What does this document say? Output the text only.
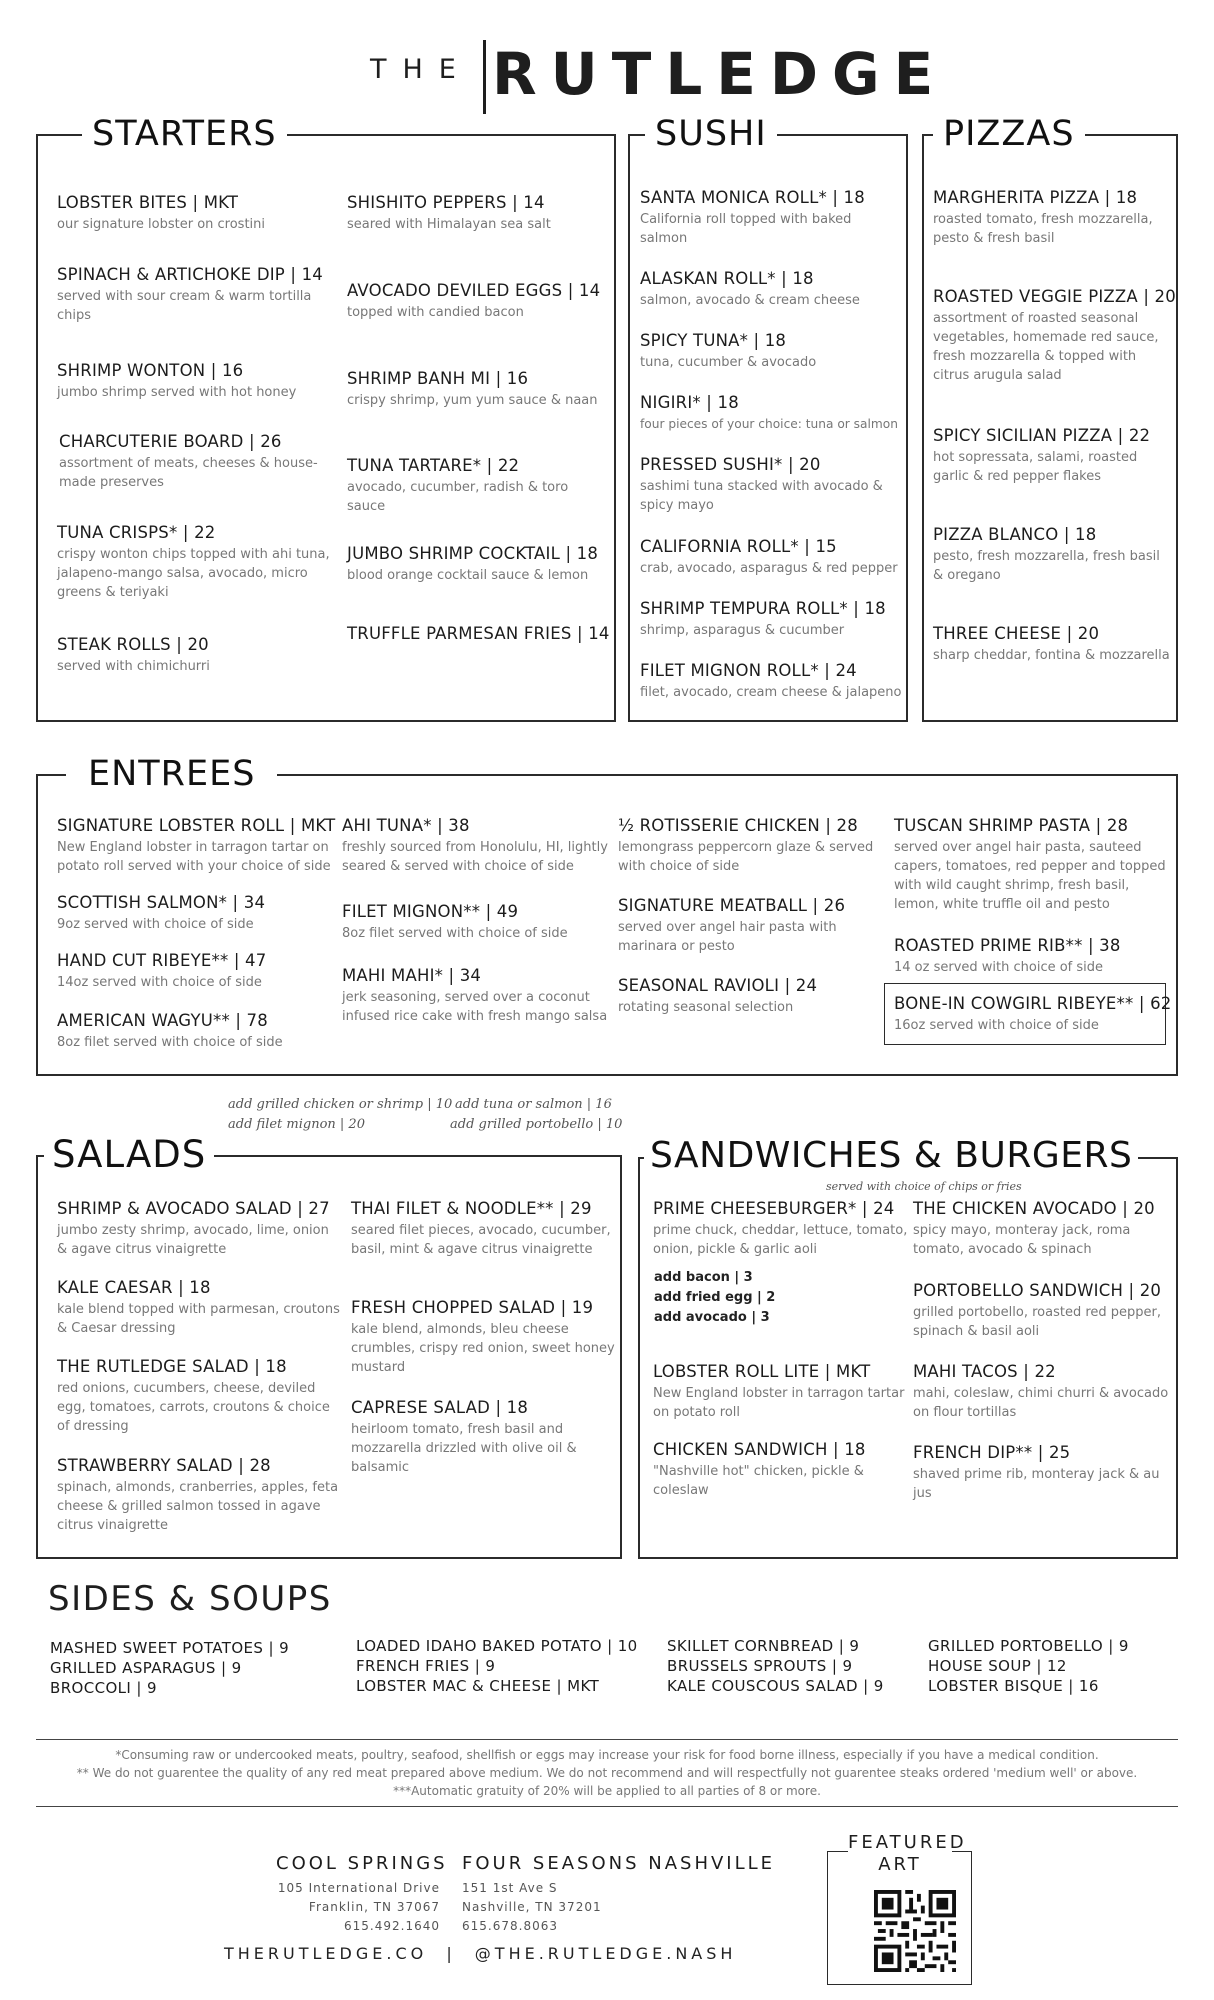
THE RUTLEDGE
STARTERS
LOBSTER BITES | MKT
our signature lobster on crostini
SPINACH & ARTICHOKE DIP | 14
served with sour cream & warm tortilla chips
SHRIMP WONTON | 16
jumbo shrimp served with hot honey
CHARCUTERIE BOARD | 26
assortment of meats, cheeses & house-made preserves
TUNA CRISPS* | 22
crispy wonton chips topped with ahi tuna, jalapeno-mango salsa, avocado, micro greens & teriyaki
STEAK ROLLS | 20
served with chimichurri
SHISHITO PEPPERS | 14
seared with Himalayan sea salt
AVOCADO DEVILED EGGS | 14
topped with candied bacon
SHRIMP BANH MI | 16
crispy shrimp, yum yum sauce & naan
TUNA TARTARE* | 22
avocado, cucumber, radish & toro sauce
JUMBO SHRIMP COCKTAIL | 18
blood orange cocktail sauce & lemon
TRUFFLE PARMESAN FRIES | 14
SUSHI
SANTA MONICA ROLL* | 18
California roll topped with baked salmon
ALASKAN ROLL* | 18
salmon, avocado & cream cheese
SPICY TUNA* | 18
tuna, cucumber & avocado
NIGIRI* | 18
four pieces of your choice: tuna or salmon
PRESSED SUSHI* | 20
sashimi tuna stacked with avocado & spicy mayo
CALIFORNIA ROLL* | 15
crab, avocado, asparagus & red pepper
SHRIMP TEMPURA ROLL* | 18
shrimp, asparagus & cucumber
FILET MIGNON ROLL* | 24
filet, avocado, cream cheese & jalapeno
PIZZAS
MARGHERITA PIZZA | 18
roasted tomato, fresh mozzarella, pesto & fresh basil
ROASTED VEGGIE PIZZA | 20
assortment of roasted seasonal vegetables, homemade red sauce, fresh mozzarella & topped with citrus arugula salad
SPICY SICILIAN PIZZA | 22
hot sopressata, salami, roasted garlic & red pepper flakes
PIZZA BLANCO | 18
pesto, fresh mozzarella, fresh basil & oregano
THREE CHEESE | 20
sharp cheddar, fontina & mozzarella
ENTREES
SIGNATURE LOBSTER ROLL | MKT
New England lobster in tarragon tartar on potato roll served with your choice of side
SCOTTISH SALMON* | 34
9oz served with choice of side
HAND CUT RIBEYE** | 47
14oz served with choice of side
AMERICAN WAGYU** | 78
8oz filet served with choice of side
AHI TUNA* | 38
freshly sourced from Honolulu, HI, lightly seared & served with choice of side
FILET MIGNON** | 49
8oz filet served with choice of side
MAHI MAHI* | 34
jerk seasoning, served over a coconut infused rice cake with fresh mango salsa
½ ROTISSERIE CHICKEN | 28
lemongrass peppercorn glaze & served with choice of side
SIGNATURE MEATBALL | 26
served over angel hair pasta with marinara or pesto
SEASONAL RAVIOLI | 24
rotating seasonal selection
TUSCAN SHRIMP PASTA | 28
served over angel hair pasta, sauteed capers, tomatoes, red pepper and topped with wild caught shrimp, fresh basil, lemon, white truffle oil and pesto
ROASTED PRIME RIB** | 38
14 oz served with choice of side
BONE-IN COWGIRL RIBEYE** | 62
16oz served with choice of side
add grilled chicken or shrimp | 10
add filet mignon | 20
add tuna or salmon | 16
add grilled portobello | 10
SALADS
SHRIMP & AVOCADO SALAD | 27
jumbo zesty shrimp, avocado, lime, onion & agave citrus vinaigrette
KALE CAESAR | 18
kale blend topped with parmesan, croutons & Caesar dressing
THE RUTLEDGE SALAD | 18
red onions, cucumbers, cheese, deviled egg, tomatoes, carrots, croutons & choice of dressing
STRAWBERRY SALAD | 28
spinach, almonds, cranberries, apples, feta cheese & grilled salmon tossed in agave citrus vinaigrette
THAI FILET & NOODLE** | 29
seared filet pieces, avocado, cucumber, basil, mint & agave citrus vinaigrette
FRESH CHOPPED SALAD | 19
kale blend, almonds, bleu cheese crumbles, crispy red onion, sweet honey mustard
CAPRESE SALAD | 18
heirloom tomato, fresh basil and mozzarella drizzled with olive oil & balsamic
SANDWICHES & BURGERS
served with choice of chips or fries
PRIME CHEESEBURGER* | 24
prime chuck, cheddar, lettuce, tomato, onion, pickle & garlic aoli
add bacon | 3
add fried egg | 2
add avocado | 3
LOBSTER ROLL LITE | MKT
New England lobster in tarragon tartar on potato roll
CHICKEN SANDWICH | 18
"Nashville hot" chicken, pickle & coleslaw
THE CHICKEN AVOCADO | 20
spicy mayo, monteray jack, roma tomato, avocado & spinach
PORTOBELLO SANDWICH | 20
grilled portobello, roasted red pepper, spinach & basil aoli
MAHI TACOS | 22
mahi, coleslaw, chimi churri & avocado on flour tortillas
FRENCH DIP** | 25
shaved prime rib, monteray jack & au jus
SIDES & SOUPS
MASHED SWEET POTATOES | 9
GRILLED ASPARAGUS | 9
BROCCOLI | 9
LOADED IDAHO BAKED POTATO | 10
FRENCH FRIES | 9
LOBSTER MAC & CHEESE | MKT
SKILLET CORNBREAD | 9
BRUSSELS SPROUTS | 9
KALE COUSCOUS SALAD | 9
GRILLED PORTOBELLO | 9
HOUSE SOUP | 12
LOBSTER BISQUE | 16
*Consuming raw or undercooked meats, poultry, seafood, shellfish or eggs may increase your risk for food borne illness, especially if you have a medical condition.
** We do not guarentee the quality of any red meat prepared above medium. We do not recommend and will respectfully not guarentee steaks ordered 'medium well' or above.
***Automatic gratuity of 20% will be applied to all parties of 8 or more.
COOL SPRINGS
105 International Drive
Franklin, TN 37067
615.492.1640
FOUR SEASONS NASHVILLE
151 1st Ave S
Nashville, TN 37201
615.678.8063
THERUTLEDGE.CO | @THE.RUTLEDGE.NASH
FEATURED
ART
